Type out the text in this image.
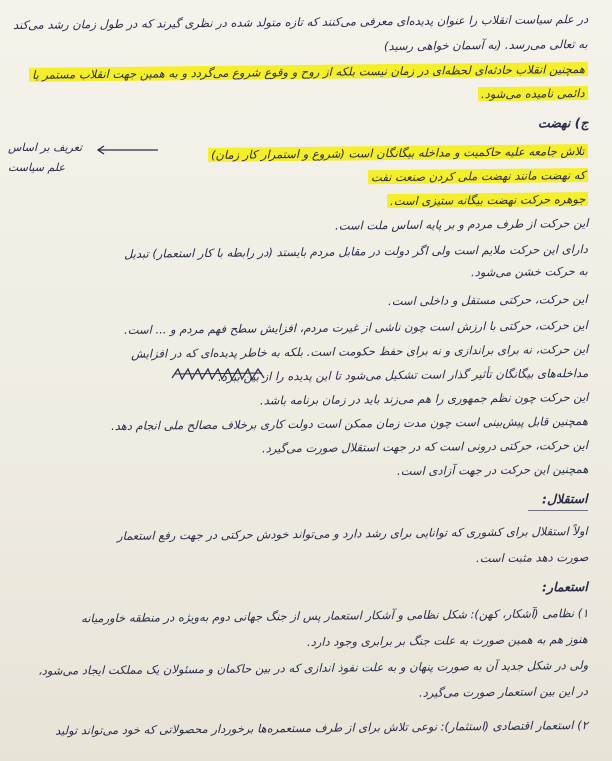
در علم سیاست انقلاب را عنوان پدیده‌ای معرفی می‌کنند که تازه متولد شده در نظری گیرند که در طول زمان رشد می‌کند
به تعالی می‌رسد. (به آسمان خواهی رسید)
همچنین انقلاب حادثه‌ای لحظه‌ای در زمان نیست بلکه از روح و وقوع شروع می‌گردد و به همین جهت انقلاب مستمر یا
دائمی نامیده می‌شود.
ج) نهضت
تلاش جامعه علیه حاکمیت و مداخله بیگانگان است (شروع و استمرار کار زمان)
که نهضت مانند نهضت ملی کردن صنعت نفت
جوهره حرکت نهضت بیگانه ستیزی است.
تعریف بر اساس
علم سیاست
این حرکت از طرف مردم و بر پایه اساس ملت است.
دارای این حرکت ملایم است ولی اگر دولت در مقابل مردم بایستد (در رابطه با کار استعمار) تبدیل
به حرکت خشن می‌شود.
این حرکت، حرکتی مستقل و داخلی است.
این حرکت، حرکتی با ارزش است چون ناشی از غیرت مردم، افزایش سطح فهم مردم و ... است.
این حرکت، نه برای براندازی و نه برای حفظ حکومت است. بلکه به خاطر پدیده‌ای که در افزایش
مداخله‌های بیگانگان تأثیر گذار است تشکیل می‌شود تا این پدیده را از بین ببرد.
این حرکت چون نظم جمهوری را هم می‌زند باید در زمان برنامه باشد.
همچنین قابل پیش‌بینی است چون مدت زمان ممکن است دولت کاری برخلاف مصالح ملی انجام دهد.
این حرکت، حرکتی درونی است که در جهت استقلال صورت می‌گیرد.
همچنین این حرکت در جهت آزادی است.
استقلال:
اولاً استقلال برای کشوری که توانایی برای رشد دارد و می‌تواند خودش حرکتی در جهت رفع استعمار
صورت دهد مثبت است.
استعمار:
۱) نظامی (آشکار، کهن): شکل نظامی و آشکار استعمار پس از جنگ جهانی دوم به‌ویژه در منطقه خاورمیانه
هنوز هم به همین صورت به علت جنگ بر برابری وجود دارد.
ولی در شکل جدید آن به صورت پنهان و به علت نفوذ اندازی که در بین حاکمان و مسئولان یک مملکت ایجاد می‌شود،
در این بین استعمار صورت می‌گیرد.
۲) استعمار اقتصادی (استثمار): نوعی تلاش برای از طرف مستعمره‌ها برخوردار محصولاتی که خود می‌تواند تولید
